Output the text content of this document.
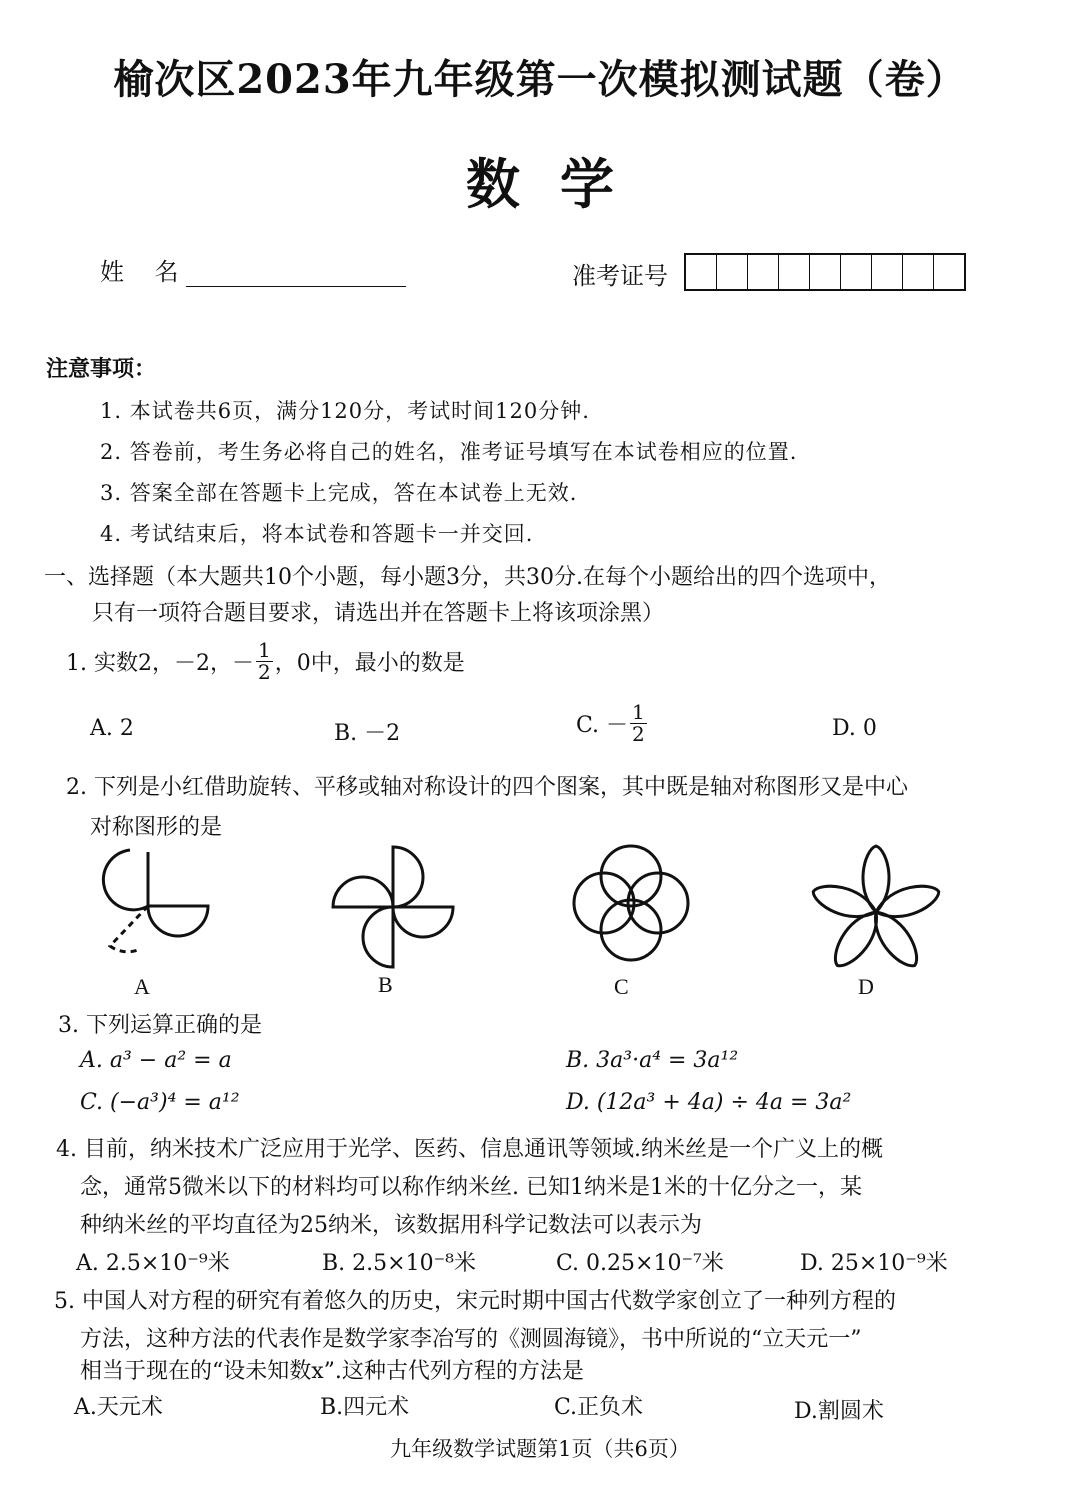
榆次区2023年九年级第一次模拟测试题（卷）
数学
姓    名	准考证号
注意事项：
1. 本试卷共6页，满分120分，考试时间120分钟.
2. 答卷前，考生务必将自己的姓名，准考证号填写在本试卷相应的位置.
3. 答案全部在答题卡上完成，答在本试卷上无效.
4. 考试结束后，将本试卷和答题卡一并交回.
一、选择题（本大题共10个小题，每小题3分，共30分.在每个小题给出的四个选项中，
只有一项符合题目要求，请选出并在答题卡上将该项涂黑）
1. 实数2，－2，－ $\frac{1}{2}$ ，0中，最小的数是
A. 2	B. －2	C. － $\frac{1}{2}$	D. 0
2. 下列是小红借助旋转、平移或轴对称设计的四个图案，其中既是轴对称图形又是中心
对称图形的是
A	B	C	D
3. 下列运算正确的是
A. a³ − a² = a	B. 3a³·a⁴ = 3a¹²
C. (−a³)⁴ = a¹²	D. (12a³ + 4a) ÷ 4a = 3a²
4. 目前，纳米技术广泛应用于光学、医药、信息通讯等领域.纳米丝是一个广义上的概
念，通常5微米以下的材料均可以称作纳米丝. 已知1纳米是1米的十亿分之一，某
种纳米丝的平均直径为25纳米，该数据用科学记数法可以表示为
A. 2.5×10⁻⁹米	B. 2.5×10⁻⁸米	C. 0.25×10⁻⁷米	D. 25×10⁻⁹米
5. 中国人对方程的研究有着悠久的历史，宋元时期中国古代数学家创立了一种列方程的
方法，这种方法的代表作是数学家李冶写的《测圆海镜》，书中所说的“立天元一”
相当于现在的“设未知数x”.这种古代列方程的方法是
A.天元术	B.四元术	C.正负术	D.割圆术
九年级数学试题第1页（共6页）
